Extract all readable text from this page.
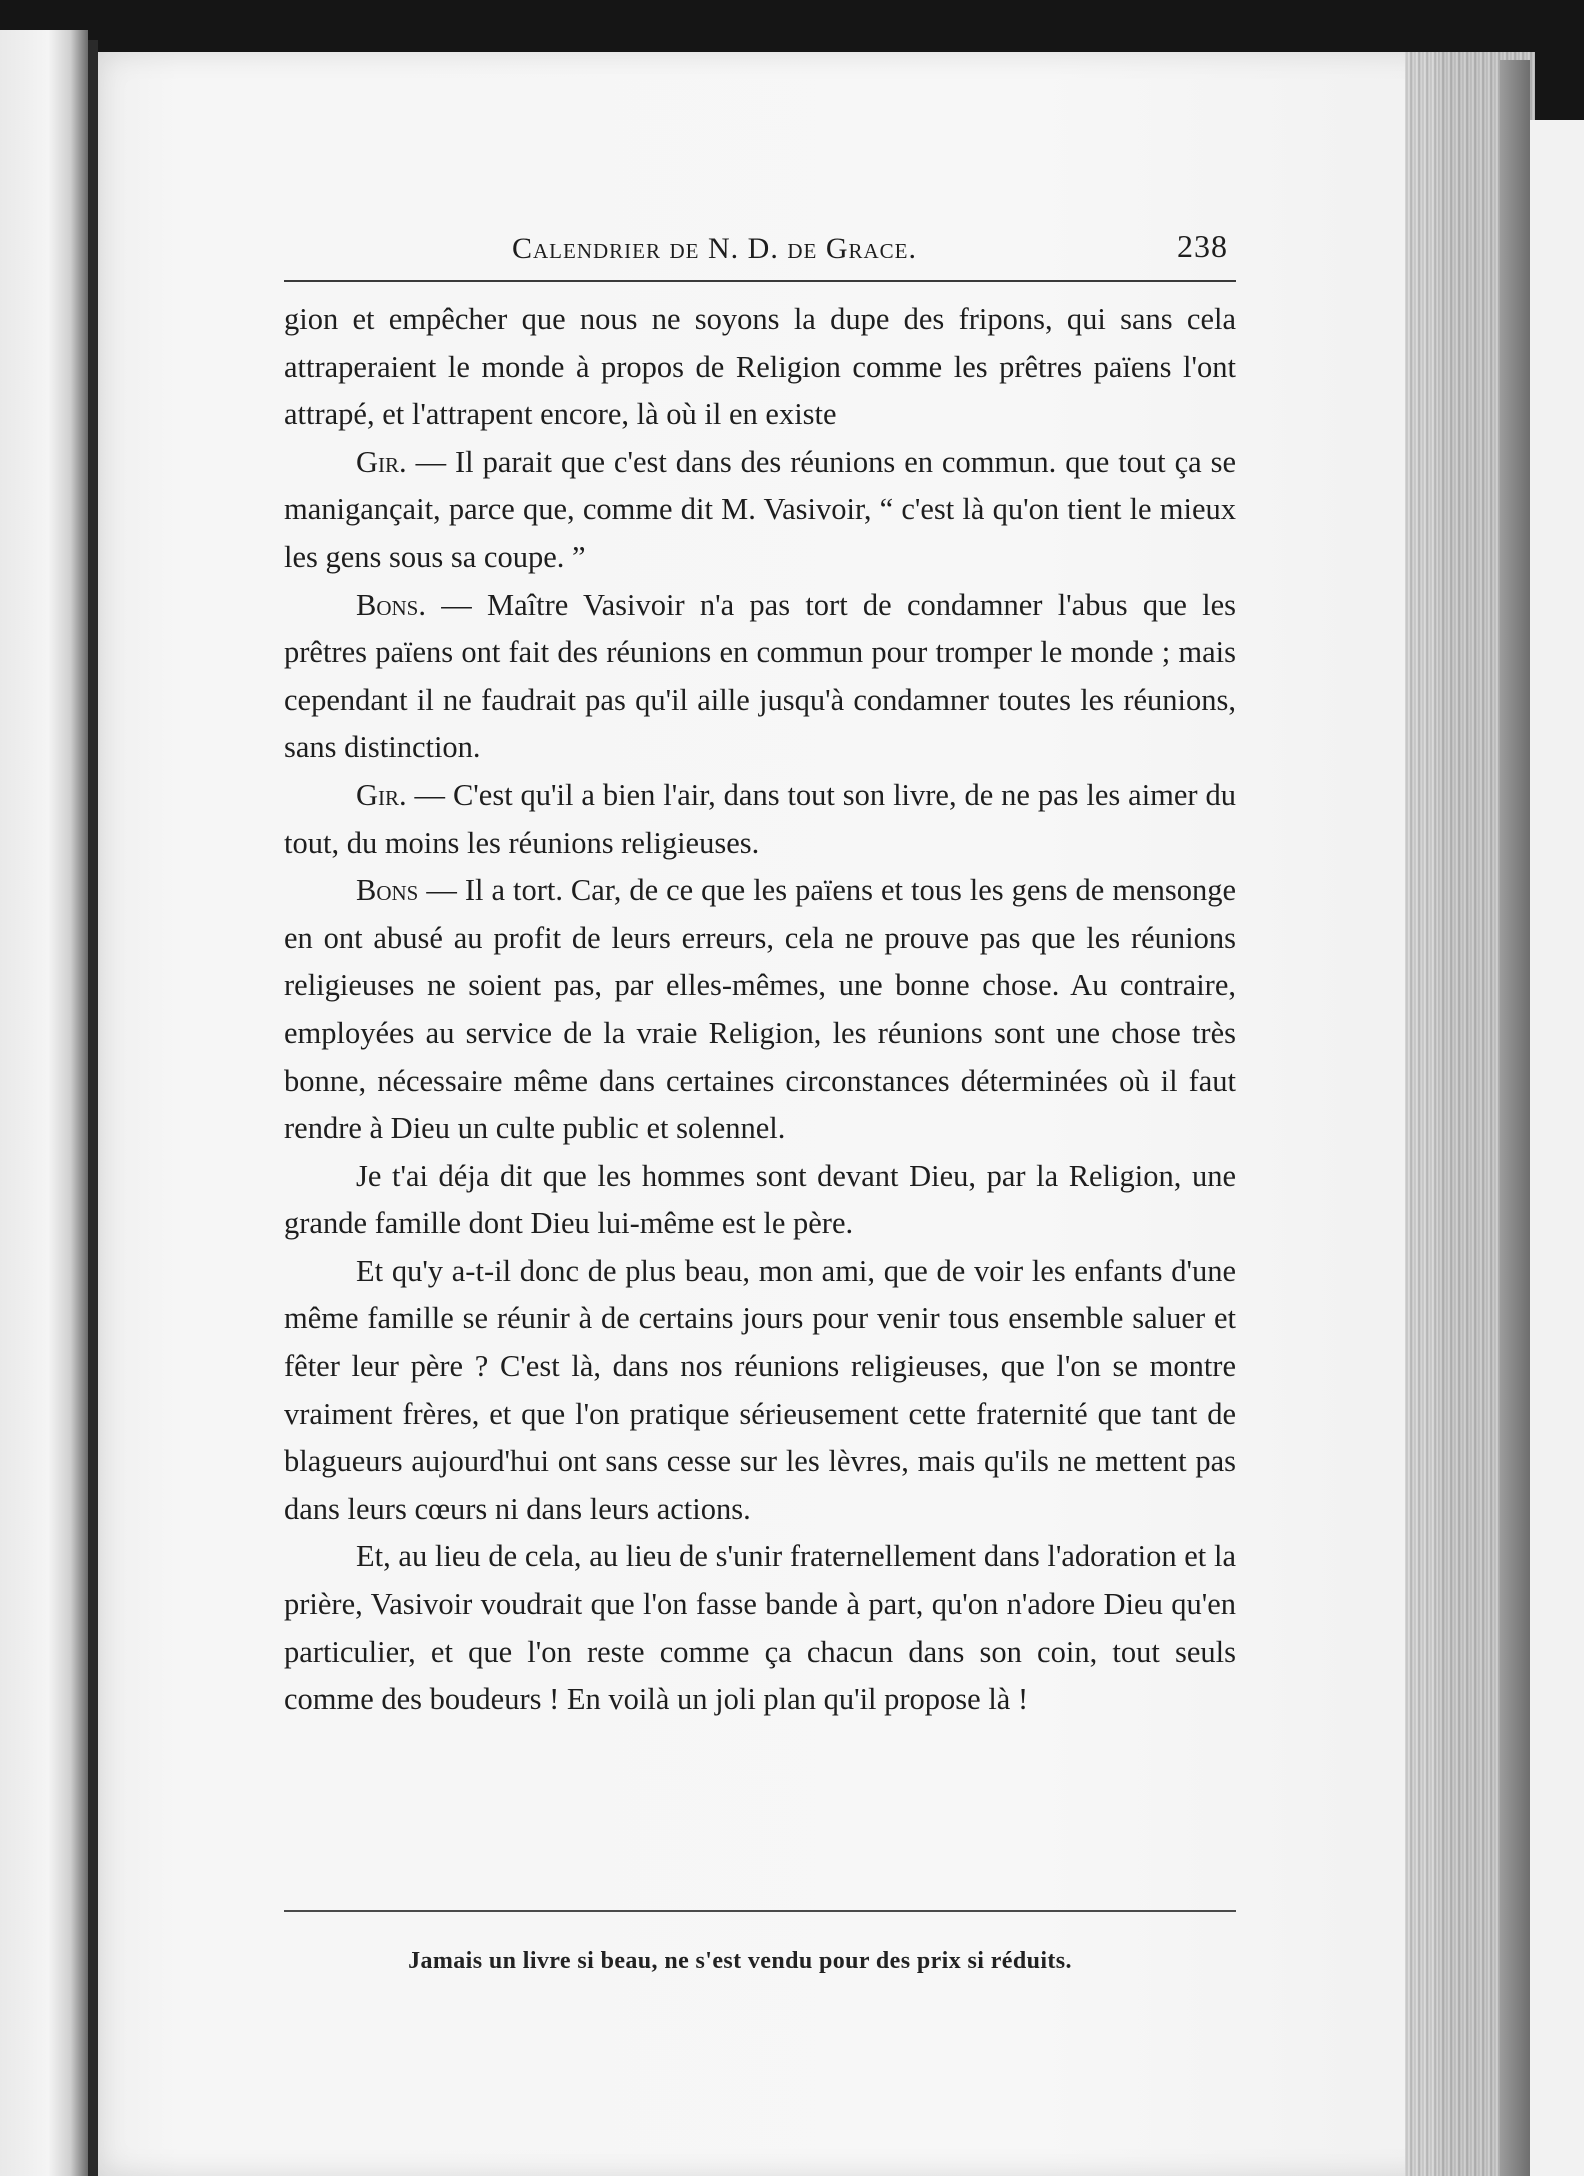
Calendrier de N. D. de Grace.	238

gion et empêcher que nous ne soyons la dupe des fripons, qui sans cela attraperaient le monde à propos de Religion comme les prêtres païens l'ont attrapé, et l'attrapent encore, là où il en existe

Gir. — Il parait que c'est dans des réunions en commun. que tout ça se manigançait, parce que, comme dit M. Vasivoir, “ c'est là qu'on tient le mieux les gens sous sa coupe. ”

Bons. — Maître Vasivoir n'a pas tort de condamner l'abus que les prêtres païens ont fait des réunions en commun pour tromper le monde ; mais cependant il ne faudrait pas qu'il aille jusqu'à condamner toutes les réunions, sans distinction.

Gir. — C'est qu'il a bien l'air, dans tout son livre, de ne pas les aimer du tout, du moins les réunions religieuses.

Bons — Il a tort. Car, de ce que les païens et tous les gens de mensonge en ont abusé au profit de leurs erreurs, cela ne prouve pas que les réunions religieuses ne soient pas, par elles-mêmes, une bonne chose. Au contraire, employées au service de la vraie Religion, les réunions sont une chose très bonne, nécessaire même dans certaines circonstances déterminées où il faut rendre à Dieu un culte public et solennel.

Je t'ai déja dit que les hommes sont devant Dieu, par la Religion, une grande famille dont Dieu lui-même est le père.

Et qu'y a-t-il donc de plus beau, mon ami, que de voir les enfants d'une même famille se réunir à de certains jours pour venir tous ensemble saluer et fêter leur père ? C'est là, dans nos réunions religieuses, que l'on se montre vraiment frères, et que l'on pratique sérieusement cette fraternité que tant de blagueurs aujourd'hui ont sans cesse sur les lèvres, mais qu'ils ne mettent pas dans leurs cœurs ni dans leurs actions.

Et, au lieu de cela, au lieu de s'unir fraternellement dans l'adoration et la prière, Vasivoir voudrait que l'on fasse bande à part, qu'on n'adore Dieu qu'en particulier, et que l'on reste comme ça chacun dans son coin, tout seuls comme des boudeurs ! En voilà un joli plan qu'il propose là !

Jamais un livre si beau, ne s'est vendu pour des prix si réduits.
